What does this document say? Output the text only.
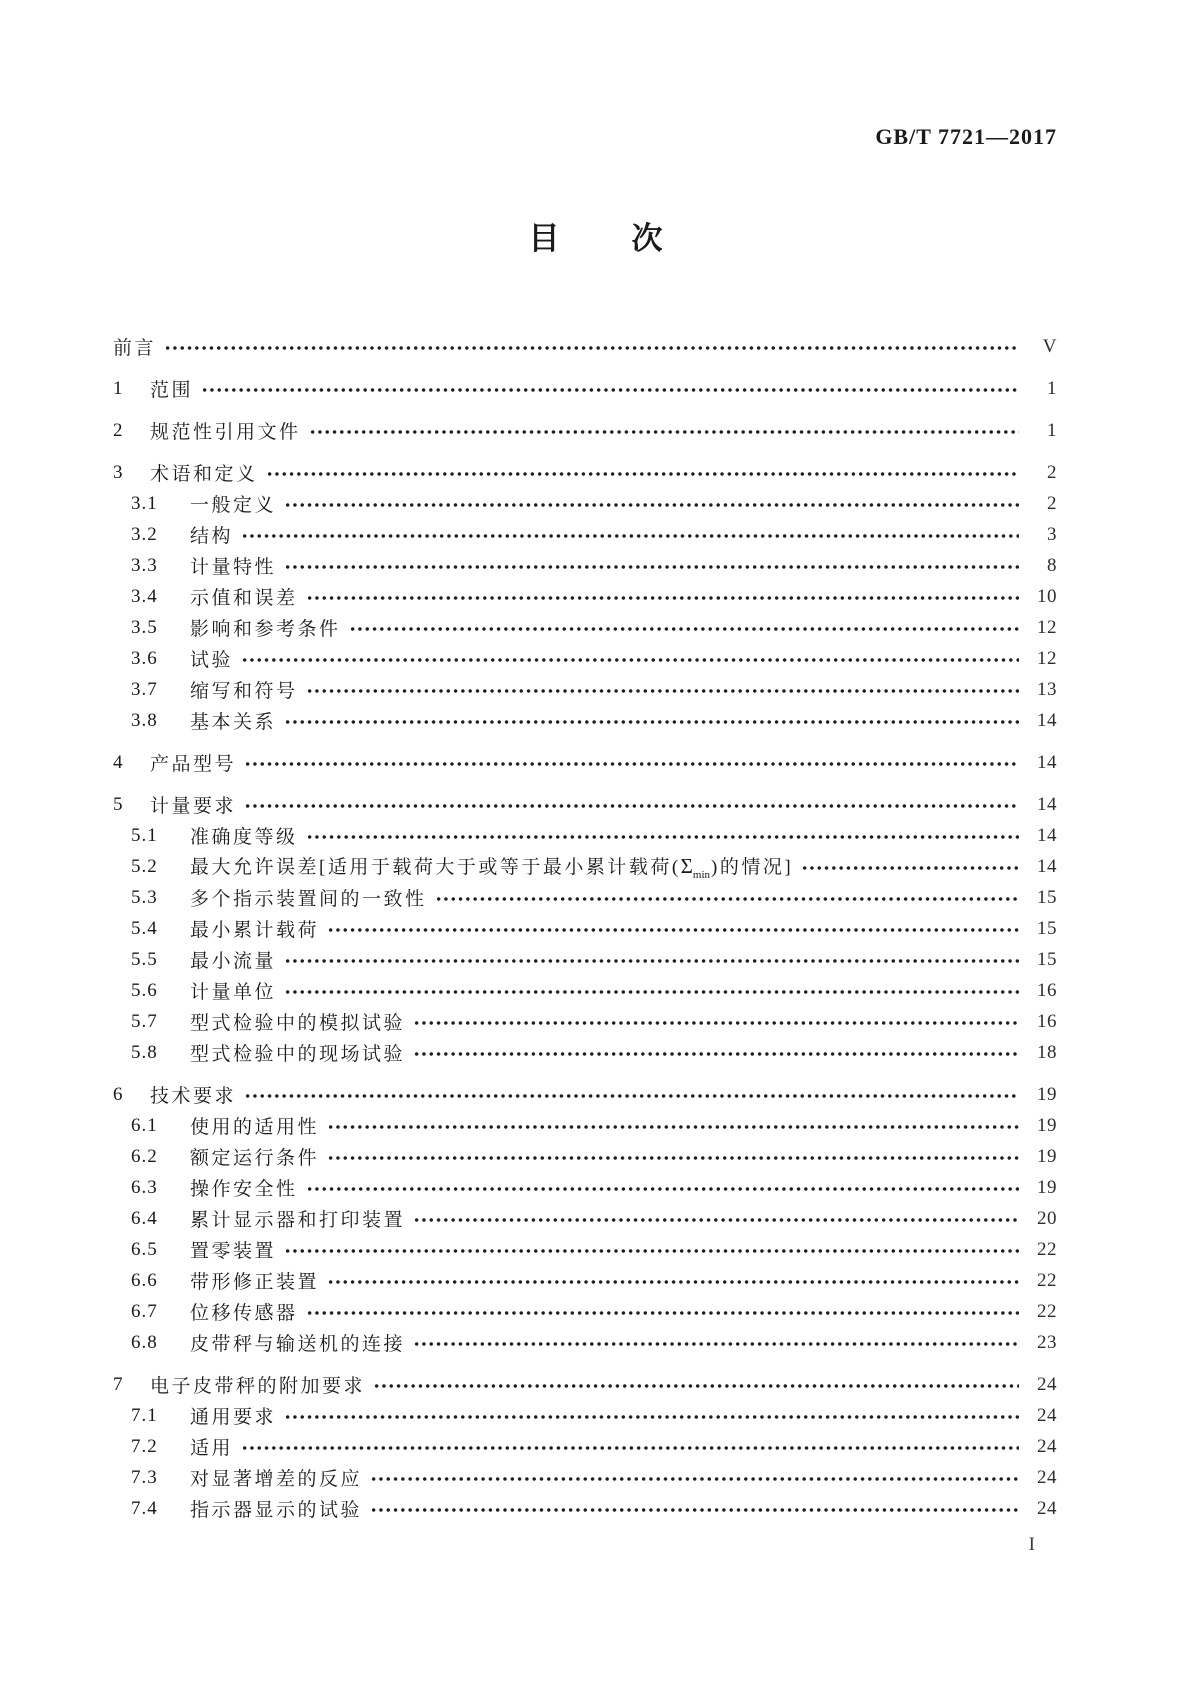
GB/T 7721—2017
目 次
前言	V
1	范围	1
2	规范性引用文件	1
3	术语和定义	2
3.1	一般定义	2
3.2	结构	3
3.3	计量特性	8
3.4	示值和误差	10
3.5	影响和参考条件	12
3.6	试验	12
3.7	缩写和符号	13
3.8	基本关系	14
4	产品型号	14
5	计量要求	14
5.1	准确度等级	14
5.2	最大允许误差[适用于载荷大于或等于最小累计载荷$(\Sigma_{min})$的情况]	14
5.3	多个指示装置间的一致性	15
5.4	最小累计载荷	15
5.5	最小流量	15
5.6	计量单位	16
5.7	型式检验中的模拟试验	16
5.8	型式检验中的现场试验	18
6	技术要求	19
6.1	使用的适用性	19
6.2	额定运行条件	19
6.3	操作安全性	19
6.4	累计显示器和打印装置	20
6.5	置零装置	22
6.6	带形修正装置	22
6.7	位移传感器	22
6.8	皮带秤与输送机的连接	23
7	电子皮带秤的附加要求	24
7.1	通用要求	24
7.2	适用	24
7.3	对显著增差的反应	24
7.4	指示器显示的试验	24
I
